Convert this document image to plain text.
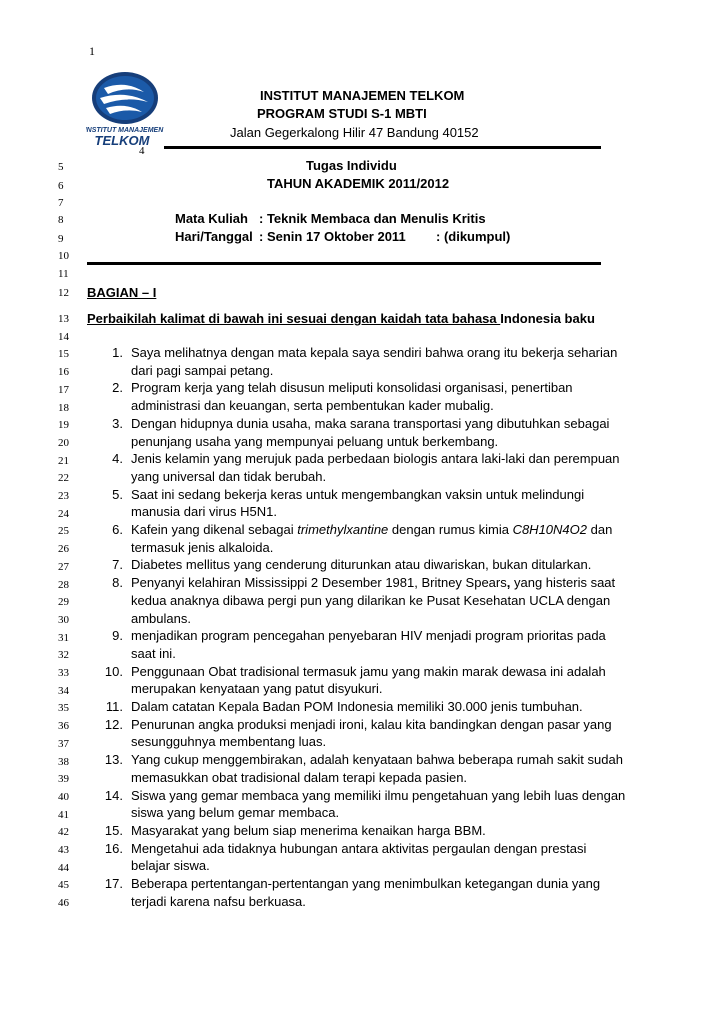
1
INSTITUT MANAJEMEN
TELKOM
4
INSTITUT MANAJEMEN TELKOM
PROGRAM STUDI S-1 MBTI
Jalan Gegerkalong Hilir 47 Bandung 40152
Tugas Individu
TAHUN AKADEMIK 2011/2012
Mata Kuliah : Teknik Membaca dan Menulis Kritis
Hari/Tanggal : Senin 17 Oktober 2011 : (dikumpul)
5
6
7
8
9
10
11
12
13
14
15
16
17
18
19
20
21
22
23
24
25
26
27
28
29
30
31
32
33
34
35
36
37
38
39
40
41
42
43
44
45
46
BAGIAN – I
Perbaikilah kalimat di bawah ini sesuai dengan kaidah tata bahasa Indonesia baku
1. Saya melihatnya dengan mata kepala saya sendiri bahwa orang itu bekerja seharian
dari pagi sampai petang.
2. Program kerja yang telah disusun meliputi konsolidasi organisasi, penertiban
administrasi dan keuangan, serta pembentukan kader mubalig.
3. Dengan hidupnya dunia usaha, maka sarana transportasi yang dibutuhkan sebagai
penunjang usaha yang mempunyai peluang untuk berkembang.
4. Jenis kelamin yang merujuk pada perbedaan biologis antara laki-laki dan perempuan
yang universal dan tidak berubah.
5. Saat ini sedang bekerja keras untuk mengembangkan vaksin untuk melindungi
manusia dari virus H5N1.
6. Kafein yang dikenal sebagai trimethylxantine dengan rumus kimia C8H10N4O2 dan
termasuk jenis alkaloida.
7. Diabetes mellitus yang cenderung diturunkan atau diwariskan, bukan ditularkan.
8. Penyanyi kelahiran Mississippi 2 Desember 1981, Britney Spears, yang histeris saat
kedua anaknya dibawa pergi pun yang dilarikan ke Pusat Kesehatan UCLA dengan
ambulans.
9. menjadikan program pencegahan penyebaran HIV menjadi program prioritas pada
saat ini.
10. Penggunaan Obat tradisional termasuk jamu yang makin marak dewasa ini adalah
merupakan kenyataan yang patut disyukuri.
11. Dalam catatan Kepala Badan POM Indonesia memiliki 30.000 jenis tumbuhan.
12. Penurunan angka produksi menjadi ironi, kalau kita bandingkan dengan pasar yang
sesungguhnya membentang luas.
13. Yang cukup menggembirakan, adalah kenyataan bahwa beberapa rumah sakit sudah
memasukkan obat tradisional dalam terapi kepada pasien.
14. Siswa yang gemar membaca yang memiliki ilmu pengetahuan yang lebih luas dengan
siswa yang belum gemar membaca.
15. Masyarakat yang belum siap menerima kenaikan harga BBM.
16. Mengetahui ada tidaknya hubungan antara aktivitas pergaulan dengan prestasi
belajar siswa.
17. Beberapa pertentangan-pertentangan yang menimbulkan ketegangan dunia yang
terjadi karena nafsu berkuasa.
